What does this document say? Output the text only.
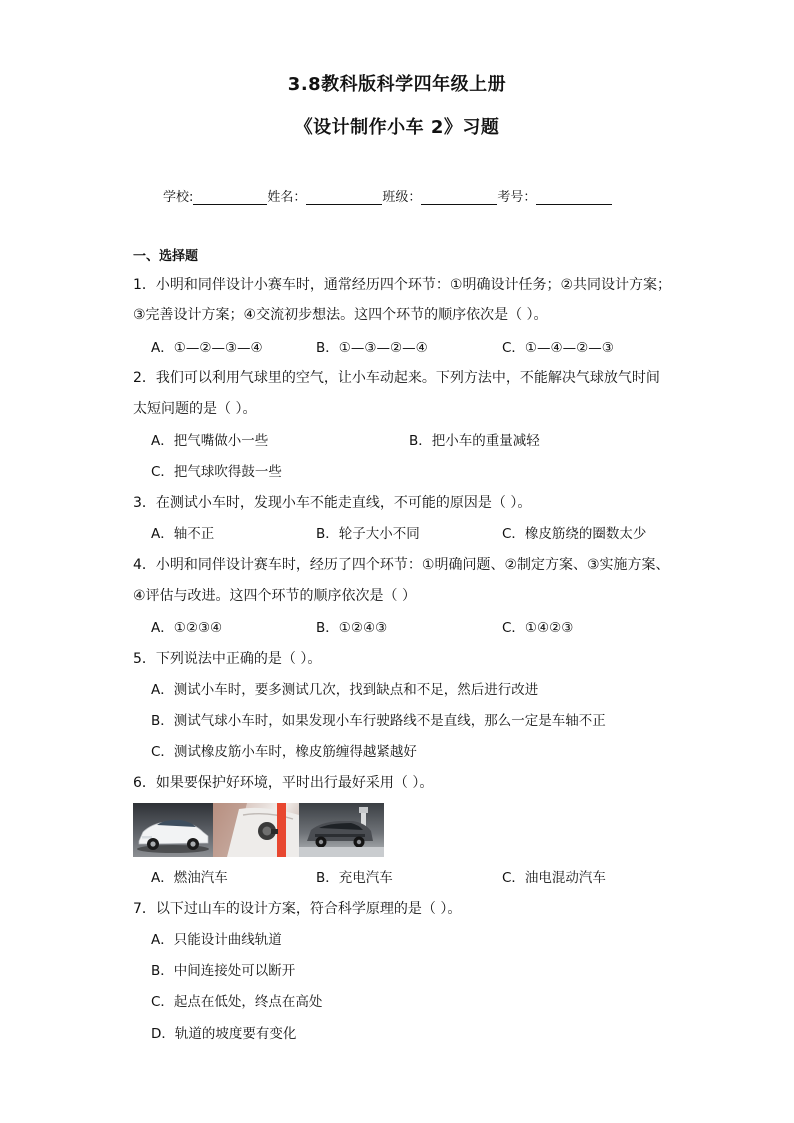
3.8教科版科学四年级上册
《设计制作小车 2》习题
学校:	姓名：	班级：	考号：
一、选择题
1．小明和同伴设计小赛车时，通常经历四个环节：①明确设计任务；②共同设计方案；
③完善设计方案；④交流初步想法。这四个环节的顺序依次是（ ）。
A．①—②—③—④	B．①—③—②—④	C．①—④—②—③
2．我们可以利用气球里的空气，让小车动起来。下列方法中，不能解决气球放气时间
太短问题的是（ ）。
A．把气嘴做小一些	B．把小车的重量减轻
C．把气球吹得鼓一些
3．在测试小车时，发现小车不能走直线，不可能的原因是（ ）。
A．轴不正	B．轮子大小不同	C．橡皮筋绕的圈数太少
4．小明和同伴设计赛车时，经历了四个环节：①明确问题、②制定方案、③实施方案、
④评估与改进。这四个环节的顺序依次是（ ）
A．①②③④	B．①②④③	C．①④②③
5．下列说法中正确的是（ ）。
A．测试小车时，要多测试几次，找到缺点和不足，然后进行改进
B．测试气球小车时，如果发现小车行驶路线不是直线，那么一定是车轴不正
C．测试橡皮筋小车时，橡皮筋缠得越紧越好
6．如果要保护好环境，平时出行最好采用（ ）。
A．燃油汽车	B．充电汽车	C．油电混动汽车
7．以下过山车的设计方案，符合科学原理的是（ ）。
A．只能设计曲线轨道
B．中间连接处可以断开
C．起点在低处，终点在高处
D．轨道的坡度要有变化
